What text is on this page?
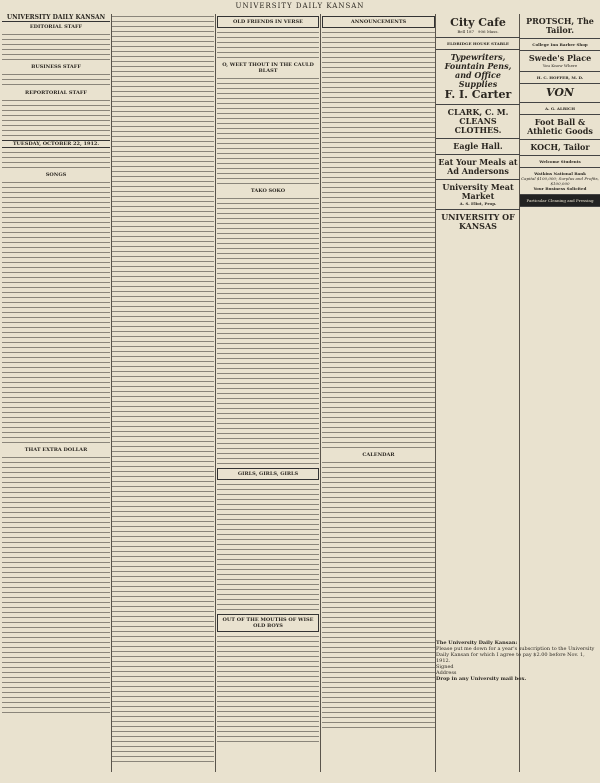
UNIVERSITY DAILY KANSAN
UNIVERSITY DAILY KANSAN
EDITORIAL STAFF
BUSINESS STAFF
REPORTORIAL STAFF
TUESDAY, OCTOBER 22, 1912.
SONGS
THAT EXTRA DOLLAR
OLD FRIENDS IN VERSE
O, WEET THOUT IN THE CAULD BLAST
TAKO SOKO
GIRLS, GIRLS, GIRLS
OUT OF THE MOUTHS OF WISE OLD BOYS
ANNOUNCEMENTS
CALENDAR
City Cafe
Bell 187 906 Mass.
ELDRIDGE HOUSE STABLE
Typewriters, Fountain Pens, and Office Supplies
F. I. Carter
CLARK, C. M. CLEANS CLOTHES.
Eagle Hall.
Eat Your Meals at Ad Andersons
University Meat Market
A. S. Eliot, Prop.
UNIVERSITY OF KANSAS
PROTSCH, The Tailor.
College Inn Barber Shop
Swede's Place
You Know Where
H. C. HOFFER, M. D.
VON
A. G. ALRICH
Foot Ball & Athletic Goods
KOCH, Tailor
Welcome Students
Watkins National Bank
Capital $100,000; Surplus and Profits, $100,000
Your Business Solicited
Particular Cleaning and Pressing
The University Daily Kansan:
Please put me down for a year's subscription to the University Daily Kansan for which I agree to pay $2.00 before Nov. 1, 1912.
Signed
Address
Drop in any University mail box.
